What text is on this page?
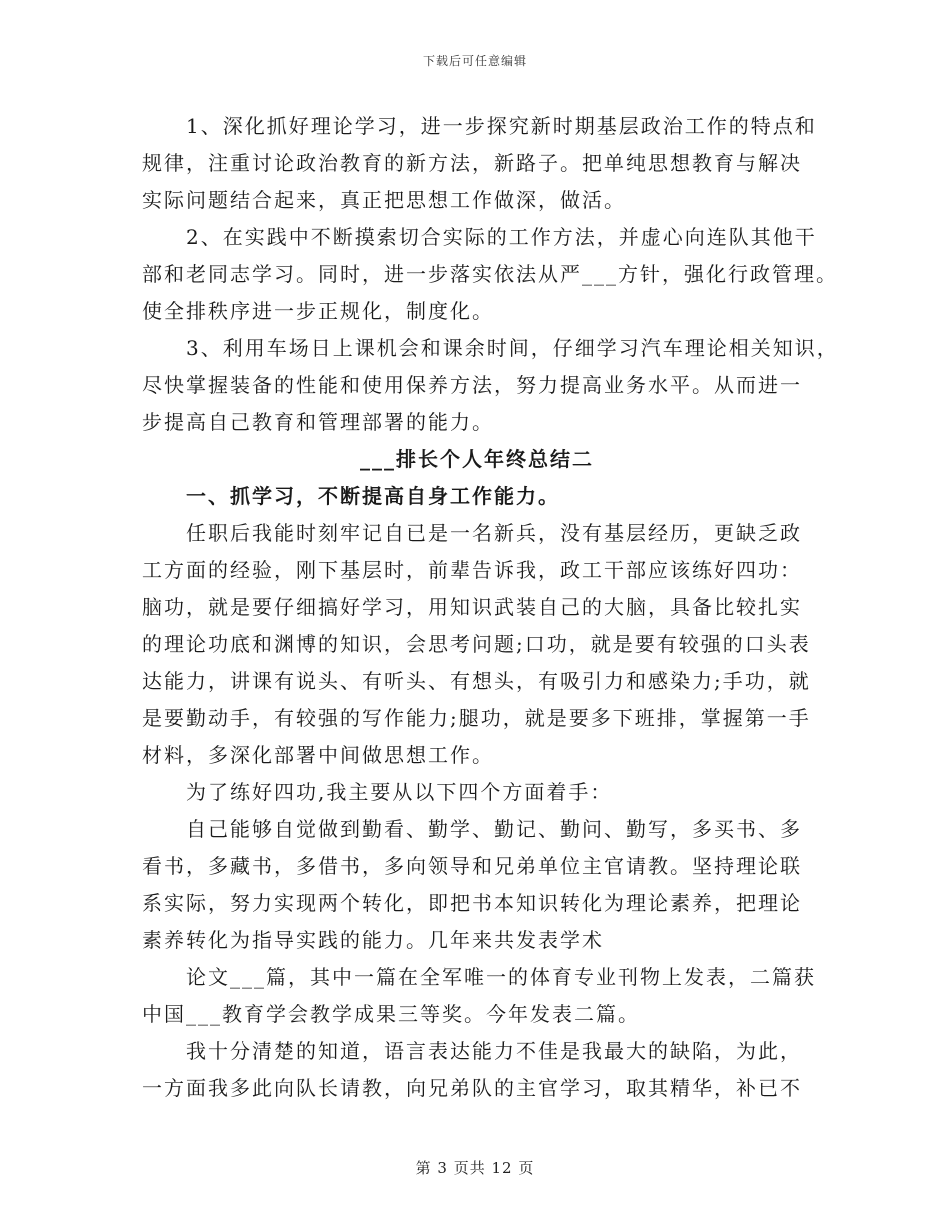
下载后可任意编辑
1、深化抓好理论学习，进一步探究新时期基层政治工作的特点和
规律，注重讨论政治教育的新方法，新路子。把单纯思想教育与解决
实际问题结合起来，真正把思想工作做深，做活。
2、在实践中不断摸索切合实际的工作方法，并虚心向连队其他干
部和老同志学习。同时，进一步落实依法从严___方针，强化行政管理。
使全排秩序进一步正规化，制度化。
3、利用车场日上课机会和课余时间，仔细学习汽车理论相关知识，
尽快掌握装备的性能和使用保养方法，努力提高业务水平。从而进一
步提高自己教育和管理部署的能力。
___排长个人年终总结二
一、抓学习，不断提高自身工作能力。
任职后我能时刻牢记自已是一名新兵，没有基层经历，更缺乏政
工方面的经验，刚下基层时，前辈告诉我，政工干部应该练好四功：
脑功，就是要仔细搞好学习，用知识武装自己的大脑，具备比较扎实
的理论功底和渊博的知识，会思考问题;口功，就是要有较强的口头表
达能力，讲课有说头、有听头、有想头，有吸引力和感染力;手功，就
是要勤动手，有较强的写作能力;腿功，就是要多下班排，掌握第一手
材料，多深化部署中间做思想工作。
为了练好四功,我主要从以下四个方面着手：
自己能够自觉做到勤看、勤学、勤记、勤问、勤写，多买书、多
看书，多藏书，多借书，多向领导和兄弟单位主官请教。坚持理论联
系实际，努力实现两个转化，即把书本知识转化为理论素养，把理论
素养转化为指导实践的能力。几年来共发表学术
论文___篇，其中一篇在全军唯一的体育专业刊物上发表，二篇获
中国___教育学会教学成果三等奖。今年发表二篇。
我十分清楚的知道，语言表达能力不佳是我最大的缺陷，为此，
一方面我多此向队长请教，向兄弟队的主官学习，取其精华，补已不
第 3 页共 12 页
